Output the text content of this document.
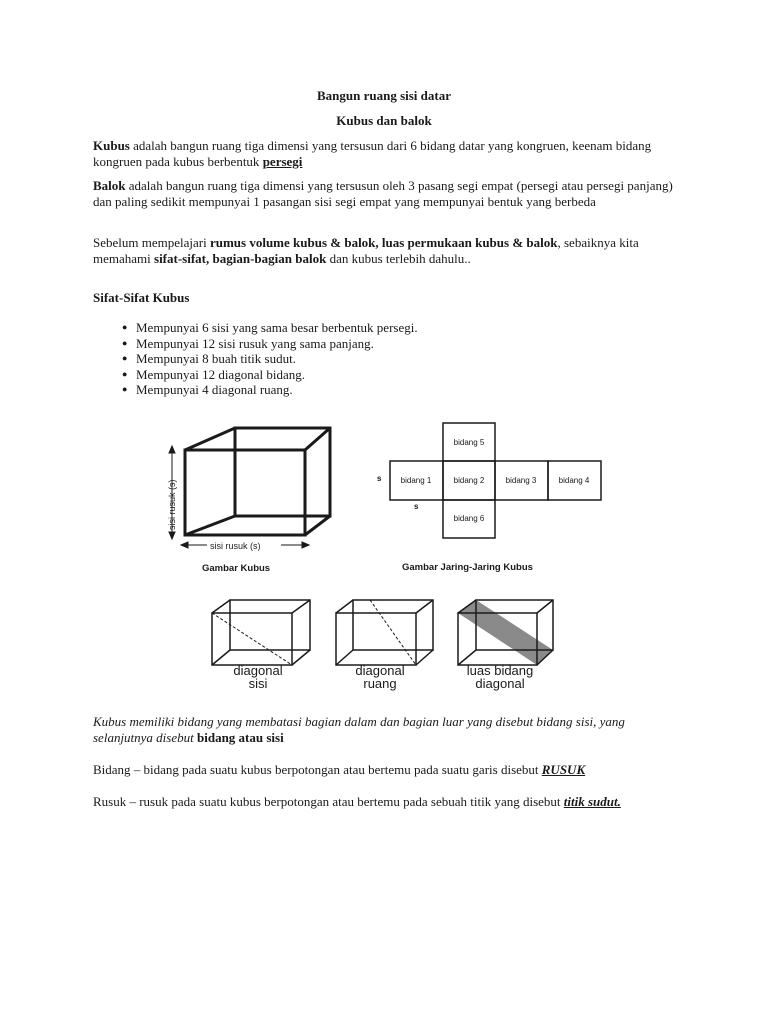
Bangun ruang sisi datar
Kubus dan balok
Kubus adalah bangun ruang tiga dimensi yang tersusun dari 6 bidang datar yang kongruen, keenam bidang kongruen pada kubus berbentuk persegi
Balok adalah bangun ruang tiga dimensi yang tersusun oleh 3 pasang segi empat (persegi atau persegi panjang) dan paling sedikit mempunyai 1 pasangan sisi segi empat yang mempunyai bentuk yang berbeda
Sebelum mempelajari rumus volume kubus & balok, luas permukaan kubus & balok, sebaiknya kita memahami sifat-sifat, bagian-bagian balok dan kubus terlebih dahulu..
Sifat-Sifat Kubus
● Mempunyai 6 sisi yang sama besar berbentuk persegi.
● Mempunyai 12 sisi rusuk yang sama panjang.
● Mempunyai 8 buah titik sudut.
● Mempunyai 12 diagonal bidang.
● Mempunyai 4 diagonal ruang.
sisi rusuk (s)
sisi rusuk (s)
Gambar Kubus
bidang 5
bidang 1	bidang 2	bidang 3	bidang 4
bidang 6
s
s
Gambar Jaring-Jaring Kubus
diagonal
sisi
diagonal
ruang
luas bidang
diagonal
Kubus memiliki bidang yang membatasi bagian dalam dan bagian luar yang disebut bidang sisi, yang selanjutnya disebut bidang atau sisi
Bidang – bidang pada suatu kubus berpotongan atau bertemu pada suatu garis disebut RUSUK
Rusuk – rusuk pada suatu kubus berpotongan atau bertemu pada sebuah titik yang disebut titik sudut.
